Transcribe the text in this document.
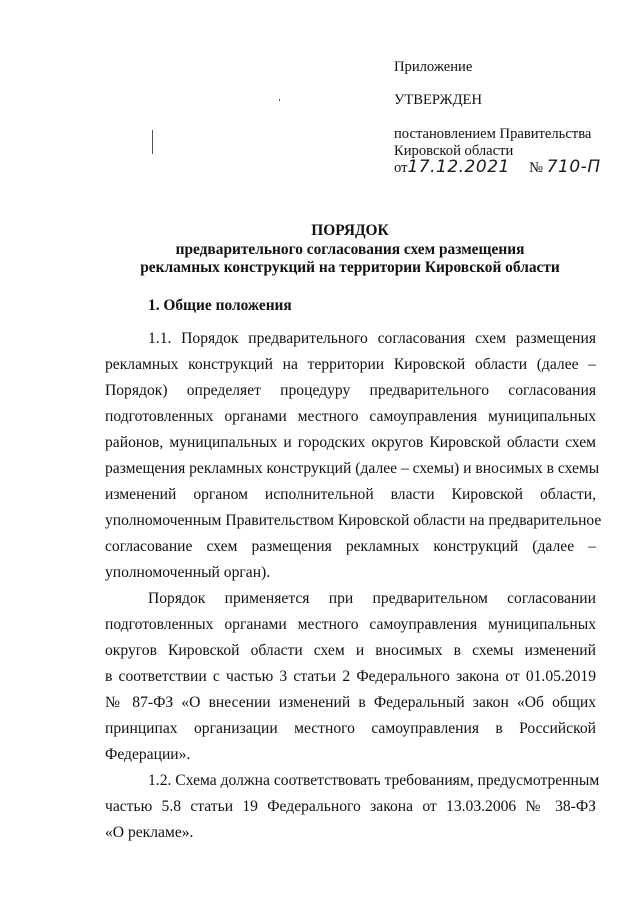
Приложение
УТВЕРЖДЕН
постановлением Правительства
Кировской области
от17.12.2021 № 710-П
ПОРЯДОК
предварительного согласования схем размещения
рекламных конструкций на территории Кировской области
1. Общие положения
1.1. Порядок предварительного согласования схем размещения
рекламных конструкций на территории Кировской области (далее –
Порядок) определяет процедуру предварительного согласования
подготовленных органами местного самоуправления муниципальных
районов, муниципальных и городских округов Кировской области схем
размещения рекламных конструкций (далее – схемы) и вносимых в схемы
изменений органом исполнительной власти Кировской области,
уполномоченным Правительством Кировской области на предварительное
согласование схем размещения рекламных конструкций (далее –
уполномоченный орган).
Порядок применяется при предварительном согласовании
подготовленных органами местного самоуправления муниципальных
округов Кировской области схем и вносимых в схемы изменений
в соответствии с частью 3 статьи 2 Федерального закона от 01.05.2019
№ 87-ФЗ «О внесении изменений в Федеральный закон «Об общих
принципах организации местного самоуправления в Российской
Федерации».
1.2. Схема должна соответствовать требованиям, предусмотренным
частью 5.8 статьи 19 Федерального закона от 13.03.2006 № 38-ФЗ
«О рекламе».
